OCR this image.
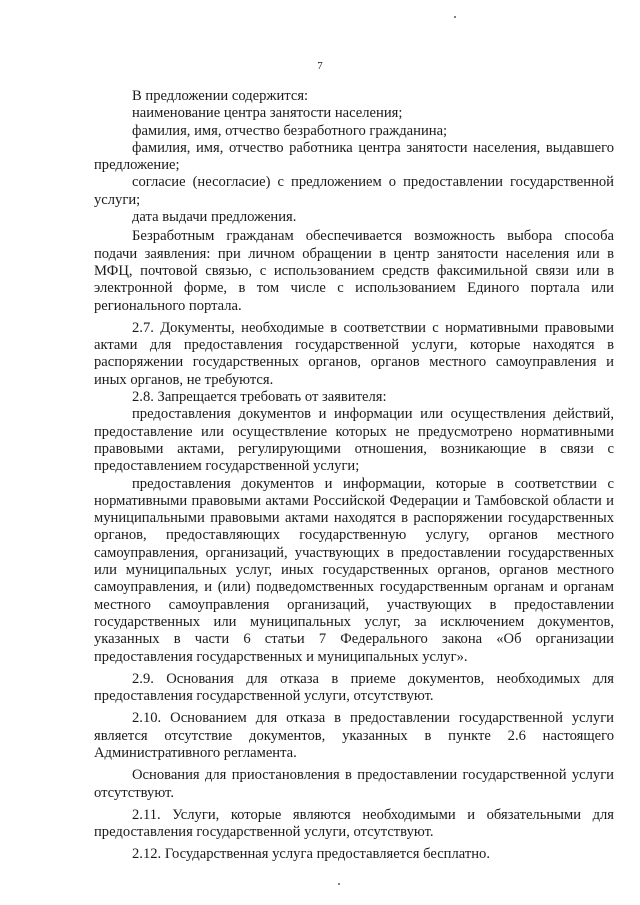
7

В предложении содержится:

наименование центра занятости населения;

фамилия, имя, отчество безработного гражданина;

фамилия, имя, отчество работника центра занятости населения, выдавшего предложение;

согласие (несогласие) с предложением о предоставлении государственной услуги;

дата выдачи предложения.

Безработным гражданам обеспечивается возможность выбора способа подачи заявления: при личном обращении в центр занятости населения или в МФЦ, почтовой связью, с использованием средств факсимильной связи или в электронной форме, в том числе с использованием Единого портала или регионального портала.

2.7. Документы, необходимые в соответствии с нормативными правовыми актами для предоставления государственной услуги, которые находятся в распоряжении государственных органов, органов местного самоуправления и иных органов, не требуются.

2.8. Запрещается требовать от заявителя:

предоставления документов и информации или осуществления действий, предоставление или осуществление которых не предусмотрено нормативными правовыми актами, регулирующими отношения, возникающие в связи с предоставлением государственной услуги;

предоставления документов и информации, которые в соответствии с нормативными правовыми актами Российской Федерации и Тамбовской области и муниципальными правовыми актами находятся в распоряжении государственных органов, предоставляющих государственную услугу, органов местного самоуправления, организаций, участвующих в предоставлении государственных или муниципальных услуг, иных государственных органов, органов местного самоуправления, и (или) подведомственных государственным органам и органам местного самоуправления организаций, участвующих в предоставлении государственных или муниципальных услуг, за исключением документов, указанных в части 6 статьи 7 Федерального закона «Об организации предоставления государственных и муниципальных услуг».

2.9. Основания для отказа в приеме документов, необходимых для предоставления государственной услуги, отсутствуют.

2.10. Основанием для отказа в предоставлении государственной услуги является отсутствие документов, указанных в пункте 2.6 настоящего Административного регламента.

Основания для приостановления в предоставлении государственной услуги отсутствуют.

2.11. Услуги, которые являются необходимыми и обязательными для предоставления государственной услуги, отсутствуют.

2.12. Государственная услуга предоставляется бесплатно.
